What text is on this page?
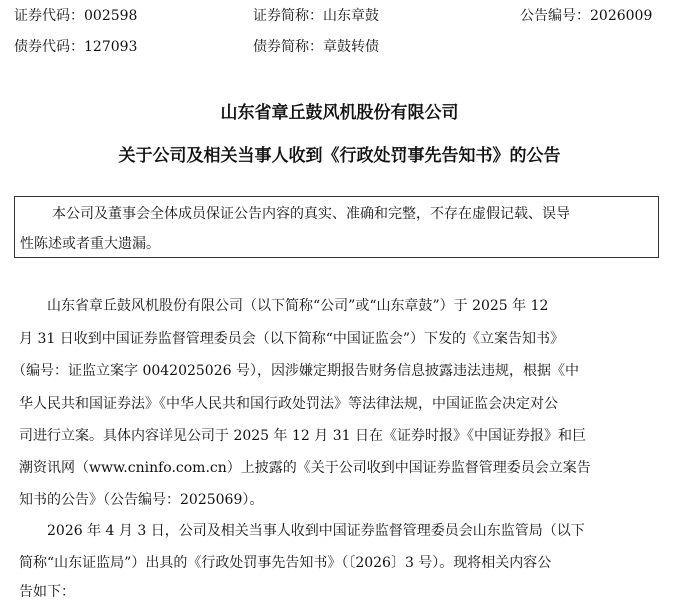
证券代码：002598	证券简称：山东章鼓	公告编号：2026009
债券代码：127093	债券简称：章鼓转债
山东省章丘鼓风机股份有限公司
关于公司及相关当事人收到《行政处罚事先告知书》的公告
本公司及董事会全体成员保证公告内容的真实、准确和完整，不存在虚假记载、误导
性陈述或者重大遗漏。
山东省章丘鼓风机股份有限公司（以下简称“公司”或“山东章鼓”）于 2025 年 12
月 31 日收到中国证券监督管理委员会（以下简称“中国证监会”）下发的《立案告知书》
（编号：证监立案字 0042025026 号），因涉嫌定期报告财务信息披露违法违规，根据《中
华人民共和国证券法》《中华人民共和国行政处罚法》等法律法规，中国证监会决定对公
司进行立案。具体内容详见公司于 2025 年 12 月 31 日在《证券时报》《中国证券报》和巨
潮资讯网（www.cninfo.com.cn）上披露的《关于公司收到中国证券监督管理委员会立案告
知书的公告》（公告编号：2025069）。
2026 年 4 月 3 日，公司及相关当事人收到中国证券监督管理委员会山东监管局（以下
简称“山东证监局”）出具的《行政处罚事先告知书》（〔2026〕3 号）。现将相关内容公
告如下：
